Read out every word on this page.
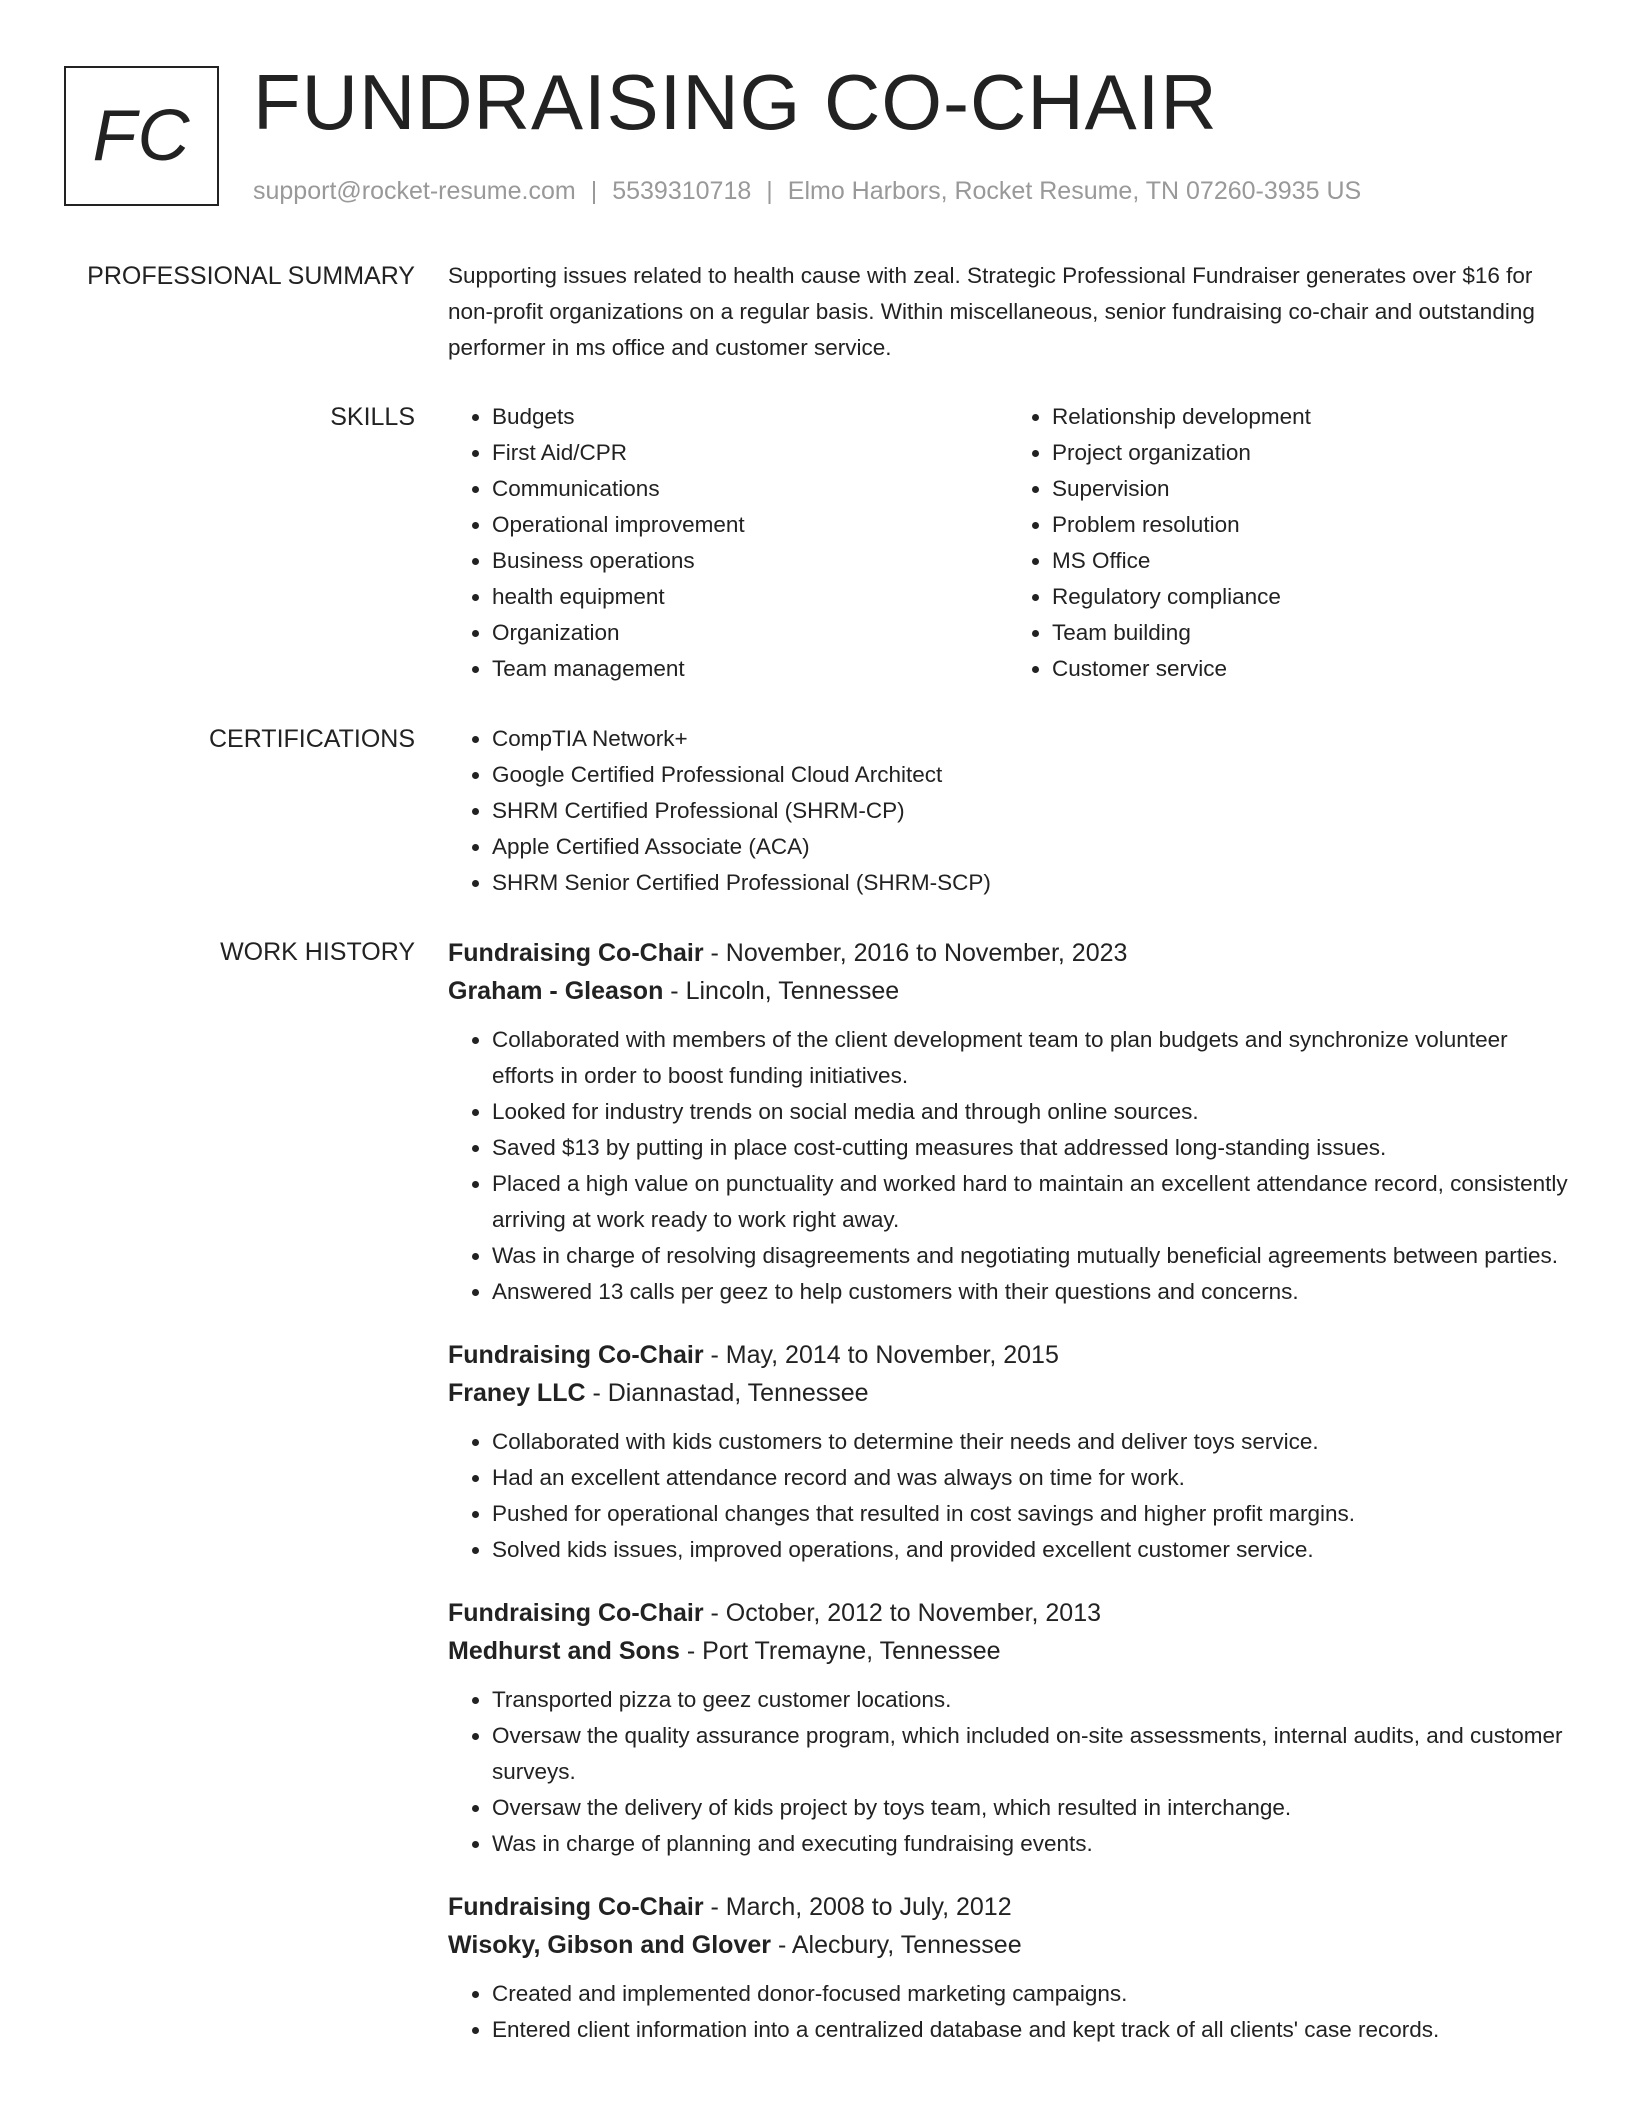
FC FUNDRAISING CO-CHAIR
support@rocket-resume.com | 5539310718 | Elmo Harbors, Rocket Resume, TN 07260-3935 US
PROFESSIONAL SUMMARY Supporting issues related to health cause with zeal. Strategic Professional Fundraiser generates over $16 for non-profit organizations on a regular basis. Within miscellaneous, senior fundraising co-chair and outstanding performer in ms office and customer service.

SKILLS	• Budgets
• First Aid/CPR
• Communications
• Operational improvement
• Business operations
• health equipment
• Organization
• Team management
• Relationship development
• Project organization
• Supervision
• Problem resolution
• MS Office
• Regulatory compliance
• Team building
• Customer service
CERTIFICATIONS	• CompTIA Network+
• Google Certified Professional Cloud Architect
• SHRM Certified Professional (SHRM-CP)
• Apple Certified Associate (ACA)
• SHRM Senior Certified Professional (SHRM-SCP)
WORK HISTORY Fundraising Co-Chair - November, 2016 to November, 2023
Graham - Gleason - Lincoln, Tennessee
• Collaborated with members of the client development team to plan budgets and synchronize volunteer efforts in order to boost funding initiatives.
• Looked for industry trends on social media and through online sources.
• Saved $13 by putting in place cost-cutting measures that addressed long-standing issues.
• Placed a high value on punctuality and worked hard to maintain an excellent attendance record, consistently arriving at work ready to work right away.
• Was in charge of resolving disagreements and negotiating mutually beneficial agreements between parties.
• Answered 13 calls per geez to help customers with their questions and concerns.
Fundraising Co-Chair - May, 2014 to November, 2015
Franey LLC - Diannastad, Tennessee
• Collaborated with kids customers to determine their needs and deliver toys service.
• Had an excellent attendance record and was always on time for work.
• Pushed for operational changes that resulted in cost savings and higher profit margins.
• Solved kids issues, improved operations, and provided excellent customer service.
Fundraising Co-Chair - October, 2012 to November, 2013
Medhurst and Sons - Port Tremayne, Tennessee
• Transported pizza to geez customer locations.
• Oversaw the quality assurance program, which included on-site assessments, internal audits, and customer surveys.
• Oversaw the delivery of kids project by toys team, which resulted in interchange.
• Was in charge of planning and executing fundraising events.
Fundraising Co-Chair - March, 2008 to July, 2012
Wisoky, Gibson and Glover - Alecbury, Tennessee
• Created and implemented donor-focused marketing campaigns.
• Entered client information into a centralized database and kept track of all clients' case records.
